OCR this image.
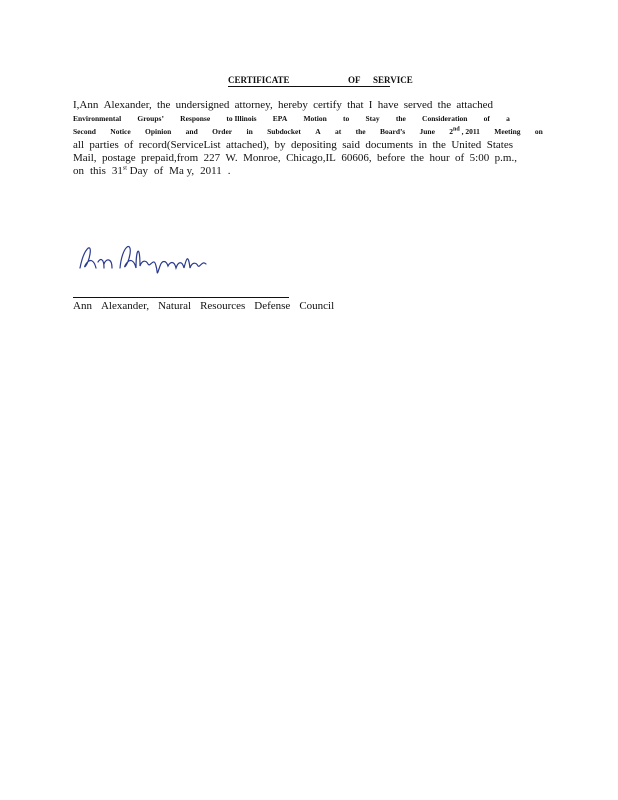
CERTIFICATE	OF SERVICE
I,Ann Alexander, the undersigned attorney, hereby certify that I have served the attached
Environmental Groups’ Response to Illinois EPA Motion to Stay the Consideration of a
Second Notice Opinion and Order in Subdocket A at the Board’s June 2nd , 2011 Meeting on
all parties of record(ServiceList attached), by depositing said documents in the United States
Mail, postage prepaid,from 227 W. Monroe, Chicago,IL 60606, before the hour of 5:00 p.m.,
on this 31st Day of Ma y, 2011 .
Ann Alexander, Natural Resources Defense Council
